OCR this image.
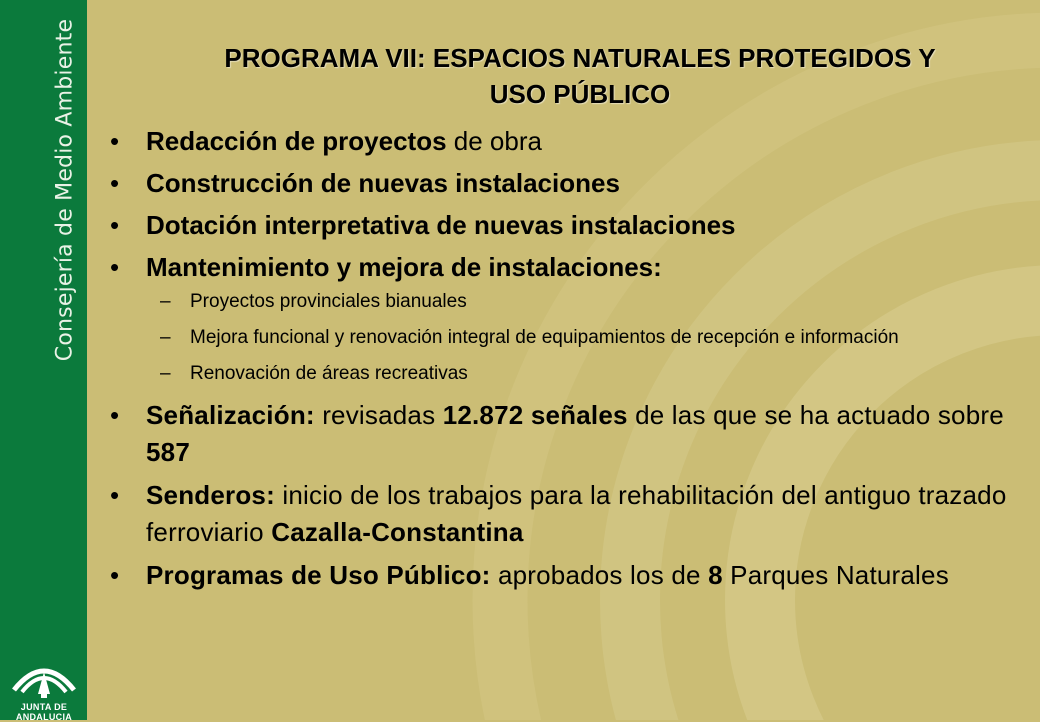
Consejería de Medio Ambiente
JUNTA DE ANDALUCIA
PROGRAMA VII: ESPACIOS NATURALES PROTEGIDOS Y
USO PÚBLICO
• Redacción de proyectos de obra
• Construcción de nuevas instalaciones
• Dotación interpretativa de nuevas instalaciones
• Mantenimiento y mejora de instalaciones:
– Proyectos provinciales bianuales
– Mejora funcional y renovación integral de equipamientos de recepción e información
– Renovación de áreas recreativas
• Señalización: revisadas 12.872 señales de las que se ha actuado sobre 587
• Senderos: inicio de los trabajos para la rehabilitación del antiguo trazado ferroviario Cazalla-Constantina
• Programas de Uso Público: aprobados los de 8 Parques Naturales
